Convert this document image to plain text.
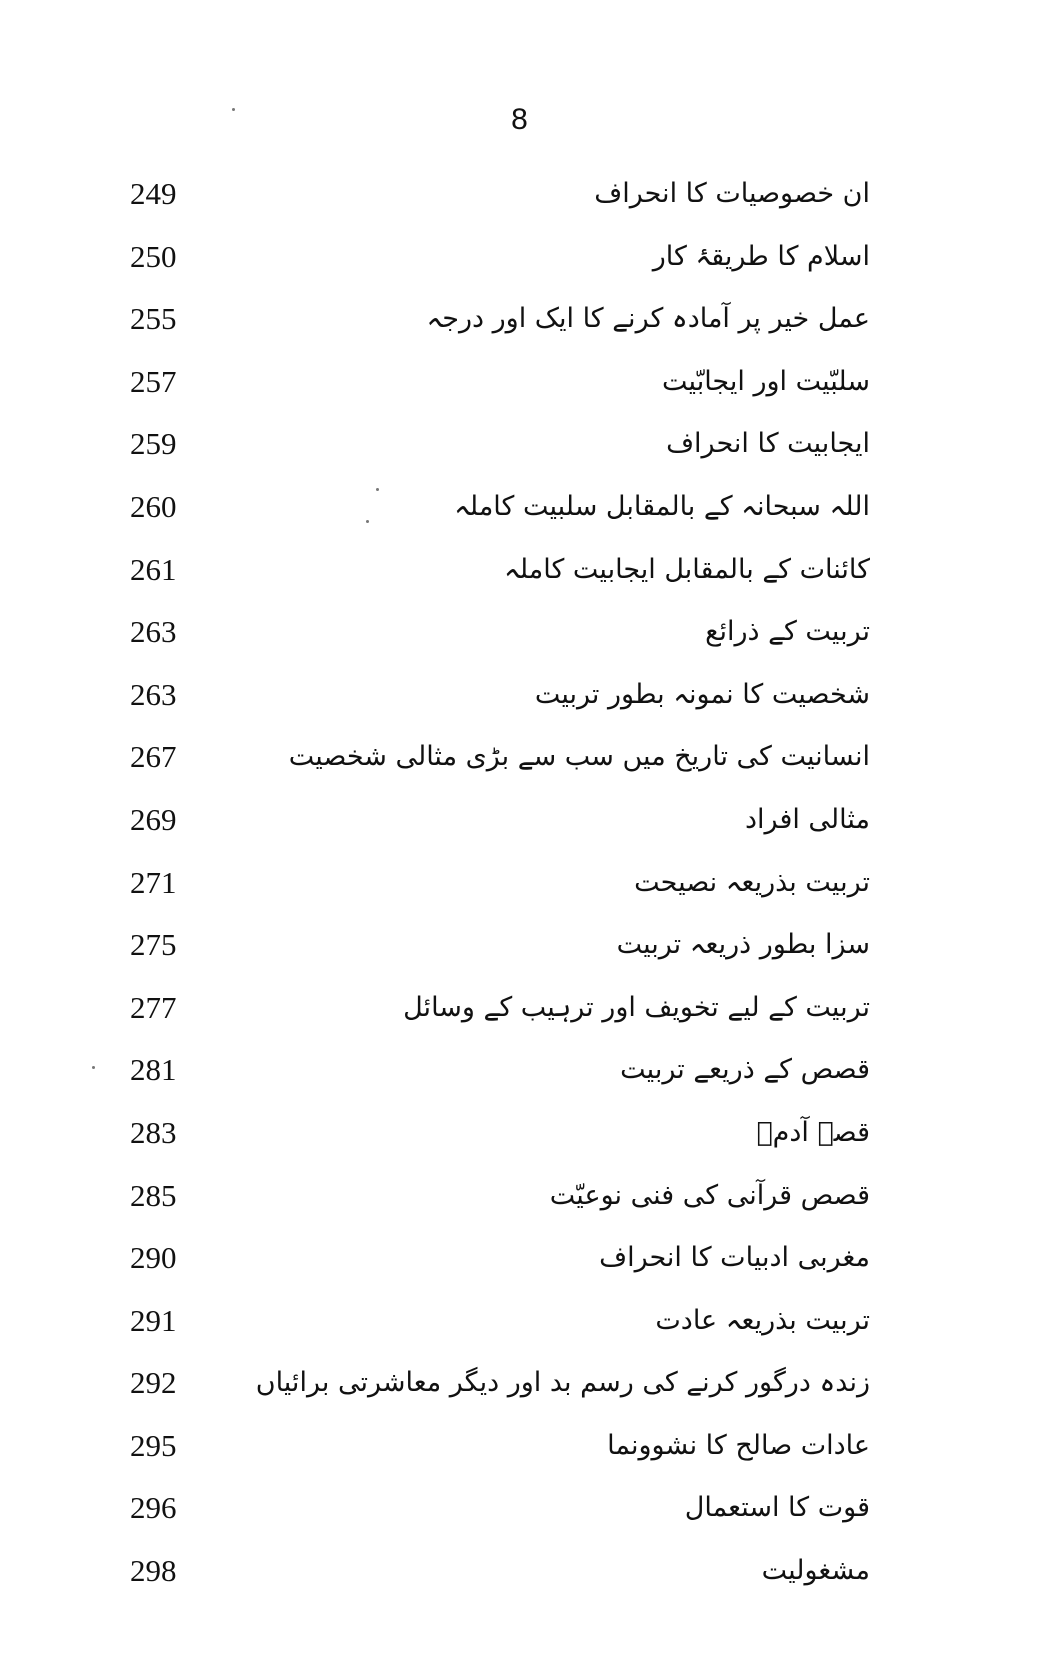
8
249	ان خصوصیات کا انحراف
250	اسلام کا طریقۂ کار
255	عمل خیر پر آمادہ کرنے کا ایک اور درجہ
257	سلبّیت اور ایجابّیت
259	ایجابیت کا انحراف
260	اللہ سبحانہ کے بالمقابل سلبیت کاملہ
261	کائنات کے بالمقابل ایجابیت کاملہ
263	تربیت کے ذرائع
263	شخصیت کا نمونہ بطور تربیت
267	انسانیت کی تاریخ میں سب سے بڑی مثالی شخصیت
269	مثالی افراد
271	تربیت بذریعہ نصیحت
275	سزا بطور ذریعہ تربیت
277	تربیت کے لیے تخویف اور ترہیب کے وسائل
281	قصص کے ذریعے تربیت
283	قصہ آدمؑ
285	قصص قرآنی کی فنی نوعیّت
290	مغربی ادبیات کا انحراف
291	تربیت بذریعہ عادت
292	زندہ درگور کرنے کی رسم بد اور دیگر معاشرتی برائیاں
295	عادات صالح کا نشوونما
296	قوت کا استعمال
298	مشغولیت
